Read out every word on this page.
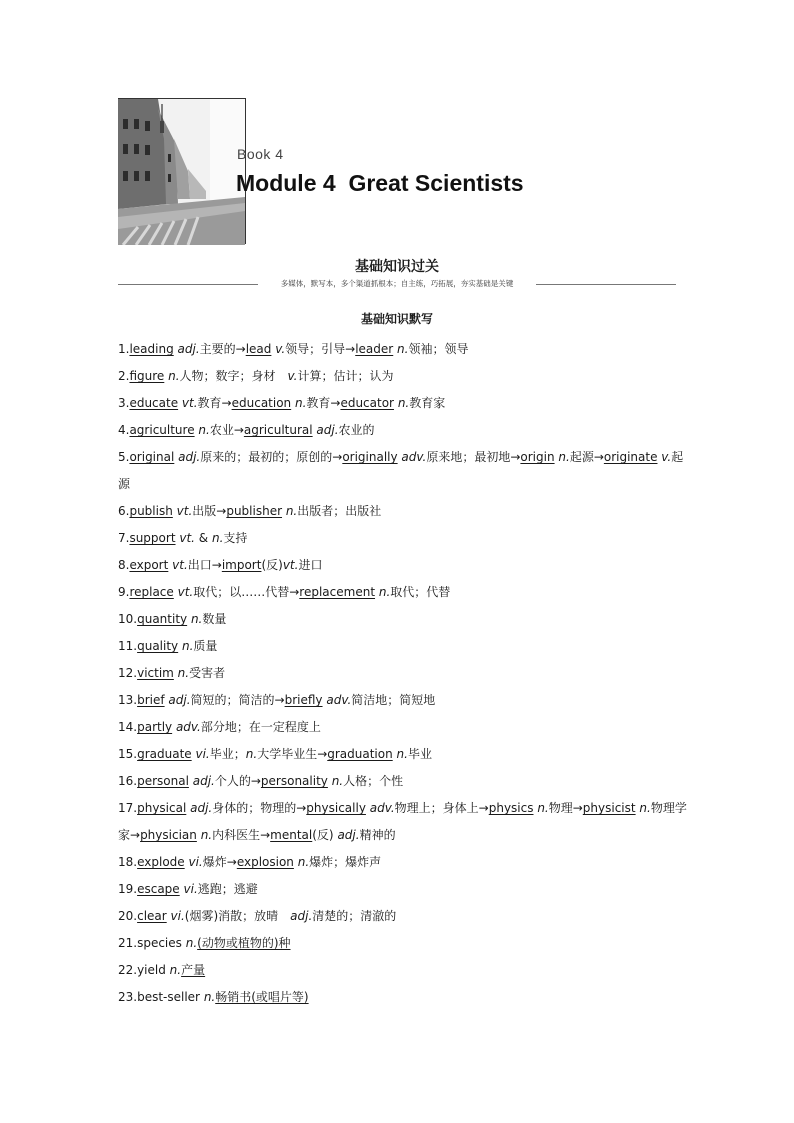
Book 4
Module 4 Great Scientists
基础知识过关
多媒体，默写本，多个渠道抓根本；自主练，巧拓展，夯实基础是关键
基础知识默写
1.leading adj.主要的→lead v.领导；引导→leader n.领袖；领导
2.figure n.人物；数字；身材　v.计算；估计；认为
3.educate vt.教育→education n.教育→educator n.教育家
4.agriculture n.农业→agricultural adj.农业的
5.original adj.原来的；最初的；原创的→originally adv.原来地；最初地→origin n.起源→originate v.起源
6.publish vt.出版→publisher n.出版者；出版社
7.support vt. & n.支持
8.export vt.出口→import(反)vt.进口
9.replace vt.取代；以……代替→replacement n.取代；代替
10.quantity n.数量
11.quality n.质量
12.victim n.受害者
13.brief adj.简短的；简洁的→briefly adv.简洁地；简短地
14.partly adv.部分地；在一定程度上
15.graduate vi.毕业；n.大学毕业生→graduation n.毕业
16.personal adj.个人的→personality n.人格；个性
17.physical adj.身体的；物理的→physically adv.物理上；身体上→physics n.物理→physicist n.物理学家→physician n.内科医生→mental(反) adj.精神的
18.explode vi.爆炸→explosion n.爆炸；爆炸声
19.escape vi.逃跑；逃避
20.clear vi.(烟雾)消散；放晴　adj.清楚的；清澈的
21.species n.(动物或植物的)种
22.yield n.产量
23.best-seller n.畅销书(或唱片等)
